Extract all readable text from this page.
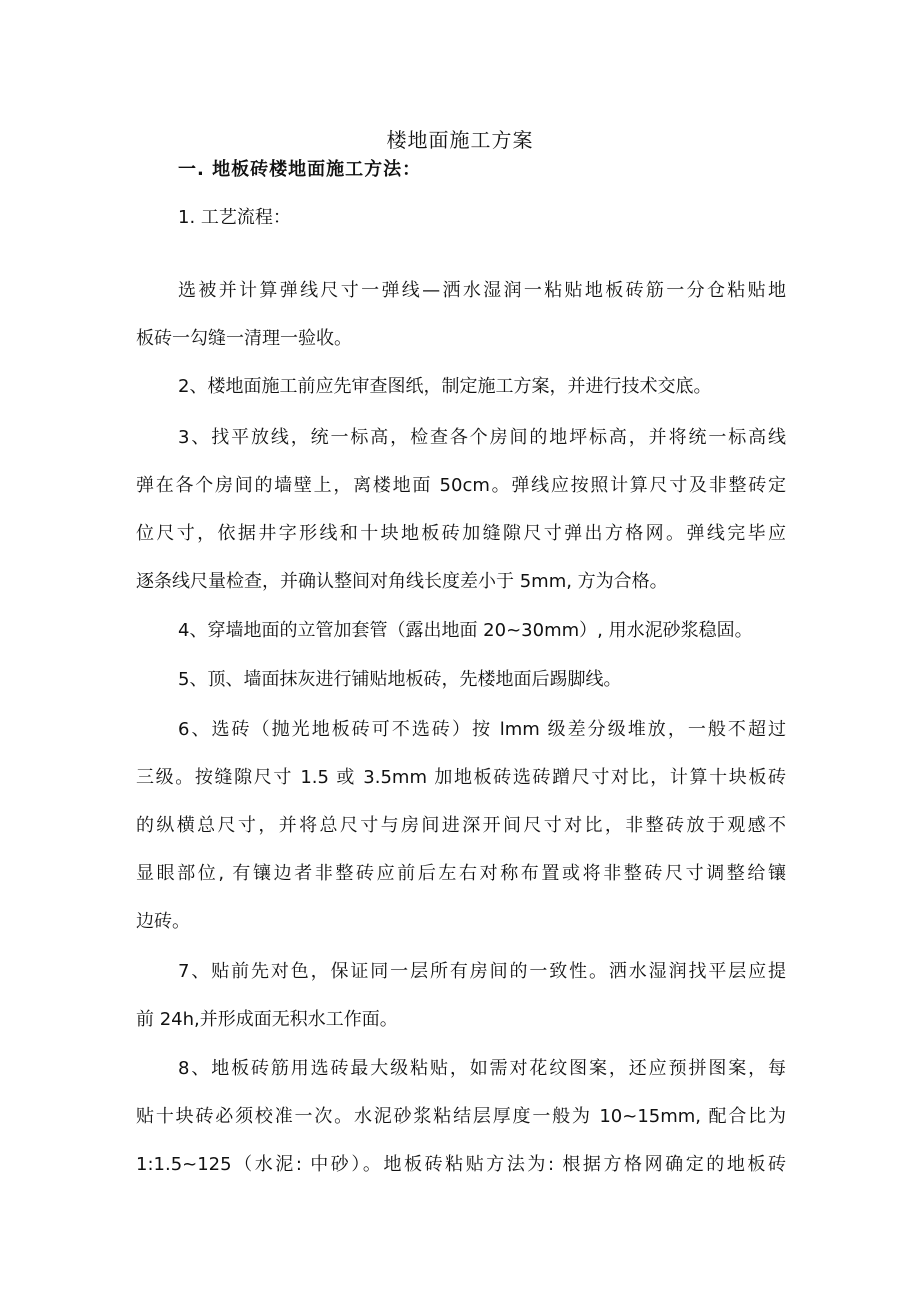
楼地面施工方案
一. 地板砖楼地面施工方法：
1. 工艺流程：
选被并计算弹线尺寸一弹线—洒水湿润一粘贴地板砖筋一分仓粘贴地
板砖一勾缝一清理一验收。
2、楼地面施工前应先审查图纸，制定施工方案，并进行技术交底。
3、找平放线，统一标高，检查各个房间的地坪标高，并将统一标高线
弹在各个房间的墙壁上，离楼地面 50cm。弹线应按照计算尺寸及非整砖定
位尺寸，依据井字形线和十块地板砖加缝隙尺寸弹出方格网。弹线完毕应
逐条线尺量检查，并确认整间对角线长度差小于 5mm, 方为合格。
4、穿墙地面的立管加套管（露出地面 20~30mm）, 用水泥砂浆稳固。
5、顶、墙面抹灰进行铺贴地板砖，先楼地面后踢脚线。
6、选砖（抛光地板砖可不选砖）按 lmm 级差分级堆放，一般不超过
三级。按缝隙尺寸 1.5 或 3.5mm 加地板砖选砖蹭尺寸对比，计算十块板砖
的纵横总尺寸，并将总尺寸与房间进深开间尺寸对比，非整砖放于观感不
显眼部位, 有镶边者非整砖应前后左右对称布置或将非整砖尺寸调整给镶
边砖。
7、贴前先对色，保证同一层所有房间的一致性。洒水湿润找平层应提
前 24h,并形成面无积水工作面。
8、地板砖筋用选砖最大级粘贴，如需对花纹图案，还应预拼图案，每
贴十块砖必须校准一次。水泥砂浆粘结层厚度一般为 10~15mm, 配合比为
1:1.5~125（水泥: 中砂）。地板砖粘贴方法为: 根据方格网确定的地板砖
